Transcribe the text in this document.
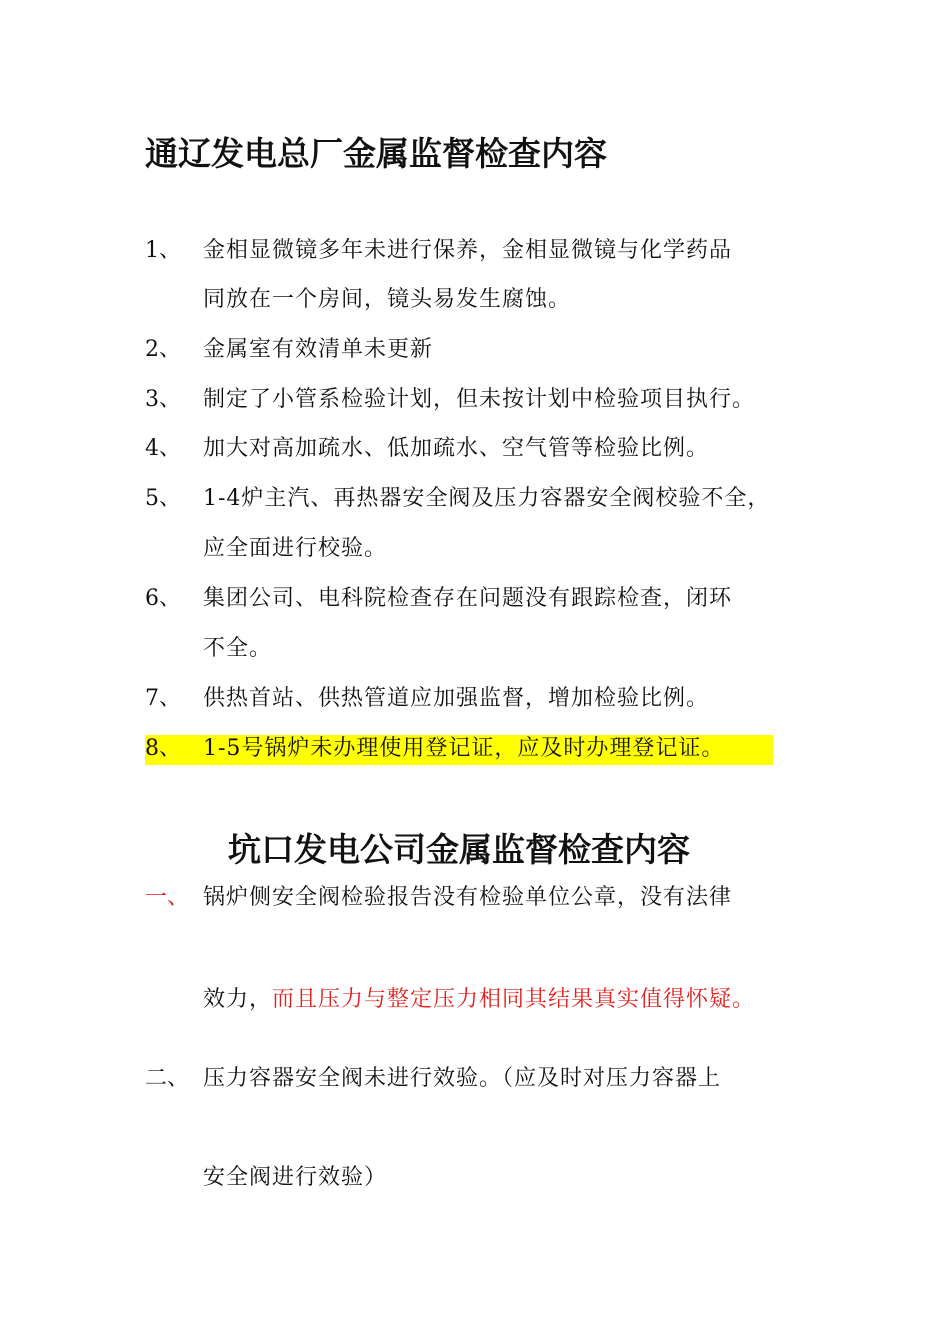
通辽发电总厂金属监督检查内容
1、 金相显微镜多年未进行保养，金相显微镜与化学药品
同放在一个房间，镜头易发生腐蚀。
2、 金属室有效清单未更新
3、 制定了小管系检验计划，但未按计划中检验项目执行。
4、 加大对高加疏水、低加疏水、空气管等检验比例。
5、 1-4炉主汽、再热器安全阀及压力容器安全阀校验不全，
应全面进行校验。
6、 集团公司、电科院检查存在问题没有跟踪检查，闭环
不全。
7、 供热首站、供热管道应加强监督，增加检验比例。
8、 1-5号锅炉未办理使用登记证，应及时办理登记证。
坑口发电公司金属监督检查内容
一、 锅炉侧安全阀检验报告没有检验单位公章，没有法律
效力，而且压力与整定压力相同其结果真实值得怀疑。
二、 压力容器安全阀未进行效验。（应及时对压力容器上
安全阀进行效验）
